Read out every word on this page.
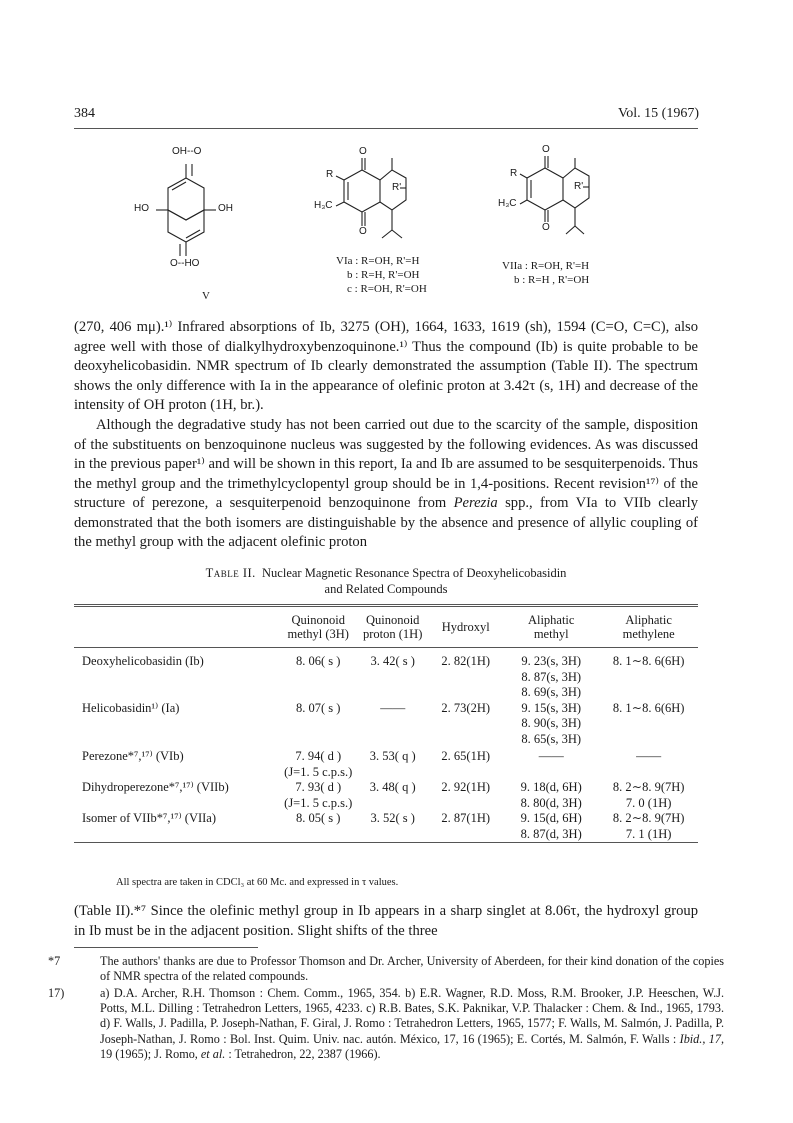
384	Vol. 15 (1967)
OH--O
HO	OH
O--HO
V
O
R
H₃C
R'
O
VIa : R=OH, R'=H
b : R=H, R'=OH
c : R=OH, R'=OH
O
R
H₃C
R'
O
VIIa : R=OH, R'=H
b : R=H , R'=OH

(270, 406 mμ).¹⁾ Infrared absorptions of Ib, 3275 (OH), 1664, 1633, 1619 (sh), 1594 (C=O, C=C), also agree well with those of dialkylhydroxybenzoquinone.¹⁾ Thus the compound (Ib) is quite probable to be deoxyhelicobasidin. NMR spectrum of Ib clearly demonstrated the assumption (Table II). The spectrum shows the only difference with Ia in the appearance of olefinic proton at 3.42τ (s, 1H) and decrease of the intensity of OH proton (1H, br.).

Although the degradative study has not been carried out due to the scarcity of the sample, disposition of the substituents on benzoquinone nucleus was suggested by the following evidences. As was discussed in the previous paper¹⁾ and will be shown in this report, Ia and Ib are assumed to be sesquiterpenoids. Thus the methyl group and the trimethylcyclopentyl group should be in 1,4-positions. Recent revision¹⁷⁾ of the structure of perezone, a sesquiterpenoid benzoquinone from Perezia spp., from VIa to VIIb clearly demonstrated that the both isomers are distinguishable by the absence and presence of allylic coupling of the methyl group with the adjacent olefinic proton

Table II. Nuclear Magnetic Resonance Spectra of Deoxyhelicobasidin
and Related Compounds
	Quinonoid
methyl (3H)	Quinonoid
proton (1H)	Hydroxyl	Aliphatic
methyl	Aliphatic
methylene
Deoxyhelicobasidin (Ib)	8. 06( s )	3. 42( s )	2. 82(1H)	9. 23(s, 3H)	8. 1∼8. 6(6H)
				8. 87(s, 3H)	
				8. 69(s, 3H)	
Helicobasidin¹⁾ (Ia)	8. 07( s )	——	2. 73(2H)	9. 15(s, 3H)	8. 1∼8. 6(6H)
				8. 90(s, 3H)	
				8. 65(s, 3H)	
Perezone*⁷,¹⁷⁾ (VIb)	7. 94( d )	3. 53( q )	2. 65(1H)	——	——
	(J=1. 5 c.p.s.)				
Dihydroperezone*⁷,¹⁷⁾ (VIIb)	7. 93( d )	3. 48( q )	2. 92(1H)	9. 18(d, 6H)	8. 2∼8. 9(7H)
	(J=1. 5 c.p.s.)			8. 80(d, 3H)	7. 0 (1H)
Isomer of VIIb*⁷,¹⁷⁾ (VIIa)	8. 05( s )	3. 52( s )	2. 87(1H)	9. 15(d, 6H)	8. 2∼8. 9(7H)
				8. 87(d, 3H)	7. 1 (1H)
All spectra are taken in CDCl₃ at 60 Mc. and expressed in τ values.

(Table II).*⁷ Since the olefinic methyl group in Ib appears in a sharp singlet at 8.06τ, the hydroxyl group in Ib must be in the adjacent position. Slight shifts of the three

*7	The authors' thanks are due to Professor Thomson and Dr. Archer, University of Aberdeen, for their kind donation of the copies of NMR spectra of the related compounds.
17)	a) D.A. Archer, R.H. Thomson : Chem. Comm., 1965, 354. b) E.R. Wagner, R.D. Moss, R.M. Brooker, J.P. Heeschen, W.J. Potts, M.L. Dilling : Tetrahedron Letters, 1965, 4233. c) R.B. Bates, S.K. Paknikar, V.P. Thalacker : Chem. & Ind., 1965, 1793. d) F. Walls, J. Padilla, P. Joseph-Nathan, F. Giral, J. Romo : Tetrahedron Letters, 1965, 1577; F. Walls, M. Salmón, J. Padilla, P. Joseph-Nathan, J. Romo : Bol. Inst. Quim. Univ. nac. autón. México, 17, 16 (1965); E. Cortés, M. Salmón, F. Walls : Ibid., 17, 19 (1965); J. Romo, et al. : Tetrahedron, 22, 2387 (1966).
